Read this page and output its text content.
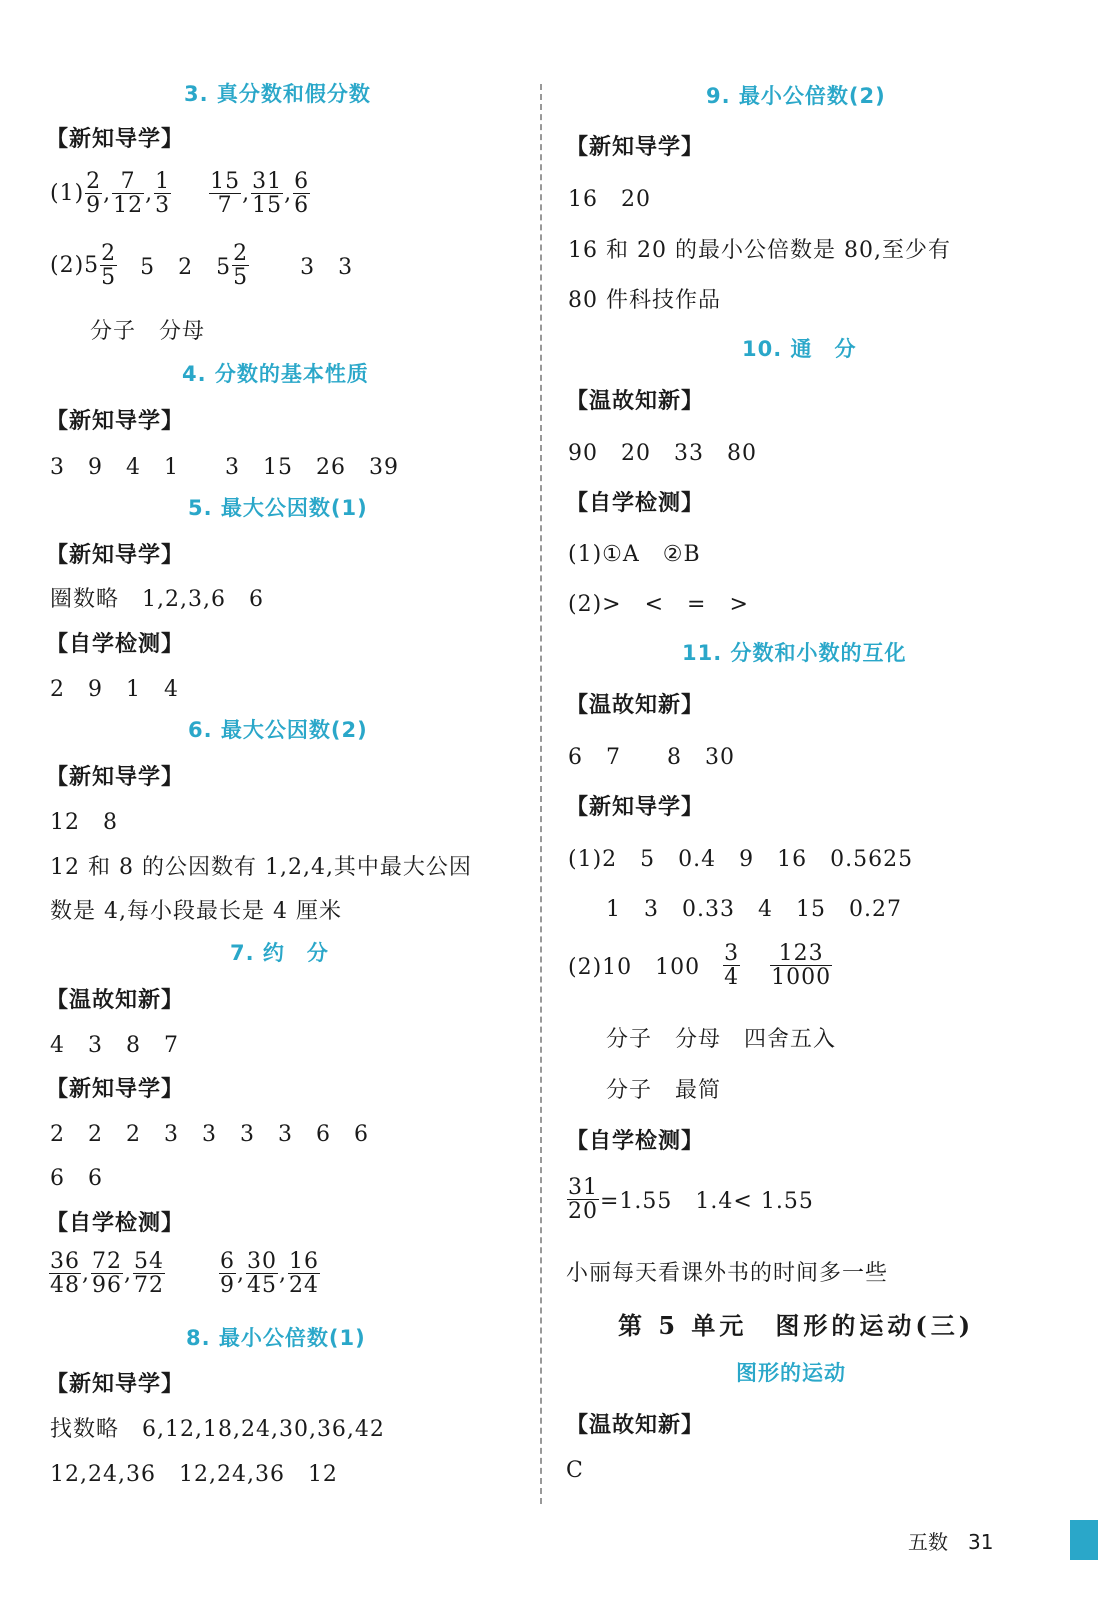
3. 真分数和假分数
【新知导学】
$(1) \frac{2}{9}$ , $\frac{7}{12}$ , $\frac{1}{3} \frac{15}{7}$ , $\frac{31}{15}$ , $\frac{6}{6}$
$(2)5 \frac{2}{5} 5$　2　$5 \frac{2}{5} 3$　3
分子　分母
4. 分数的基本性质
【新知导学】
3　9　4　1　　3　15　26　39
5. 最大公因数(1)
【新知导学】
圈数略　1,2,3,6　6
【自学检测】
2　9　1　4
6. 最大公因数(2)
【新知导学】
12　8
12 和 8 的公因数有 1,2,4,其中最大公因
数是 4,每小段最长是 4 厘米
7. 约　分
【温故知新】
4　3　8　7
【新知导学】
2　2　2　3　3　3　3　6　6
6　6
【自学检测】
$\frac{36}{48}$ , $\frac{72}{96}$ , $\frac{54}{72} \frac{6}{9}$ , $\frac{30}{45}$ , $\frac{16}{24}$
8. 最小公倍数(1)
【新知导学】
找数略　6,12,18,24,30,36,42
12,24,36　12,24,36　12
9. 最小公倍数(2)
【新知导学】
16　20
16 和 20 的最小公倍数是 80,至少有
80 件科技作品
10. 通　分
【温故知新】
90　20　33　80
【自学检测】
(1)①A　②B
(2)>　<　=　>
11. 分数和小数的互化
【温故知新】
6　7　　8　30
【新知导学】
(1)2　5　0.4　9　16　0.5625
1　3　0.33　4　15　0.27
(2)10　$100 \frac{3}{4} \frac{123}{1000}$
分子　分母　四舍五入
分子　最简
【自学检测】
$\frac{31}{20} =1.55$　1.4< 1.55
小丽每天看课外书的时间多一些
第 5 单元　图形的运动(三)
图形的运动
【温故知新】
C
五数　 31
